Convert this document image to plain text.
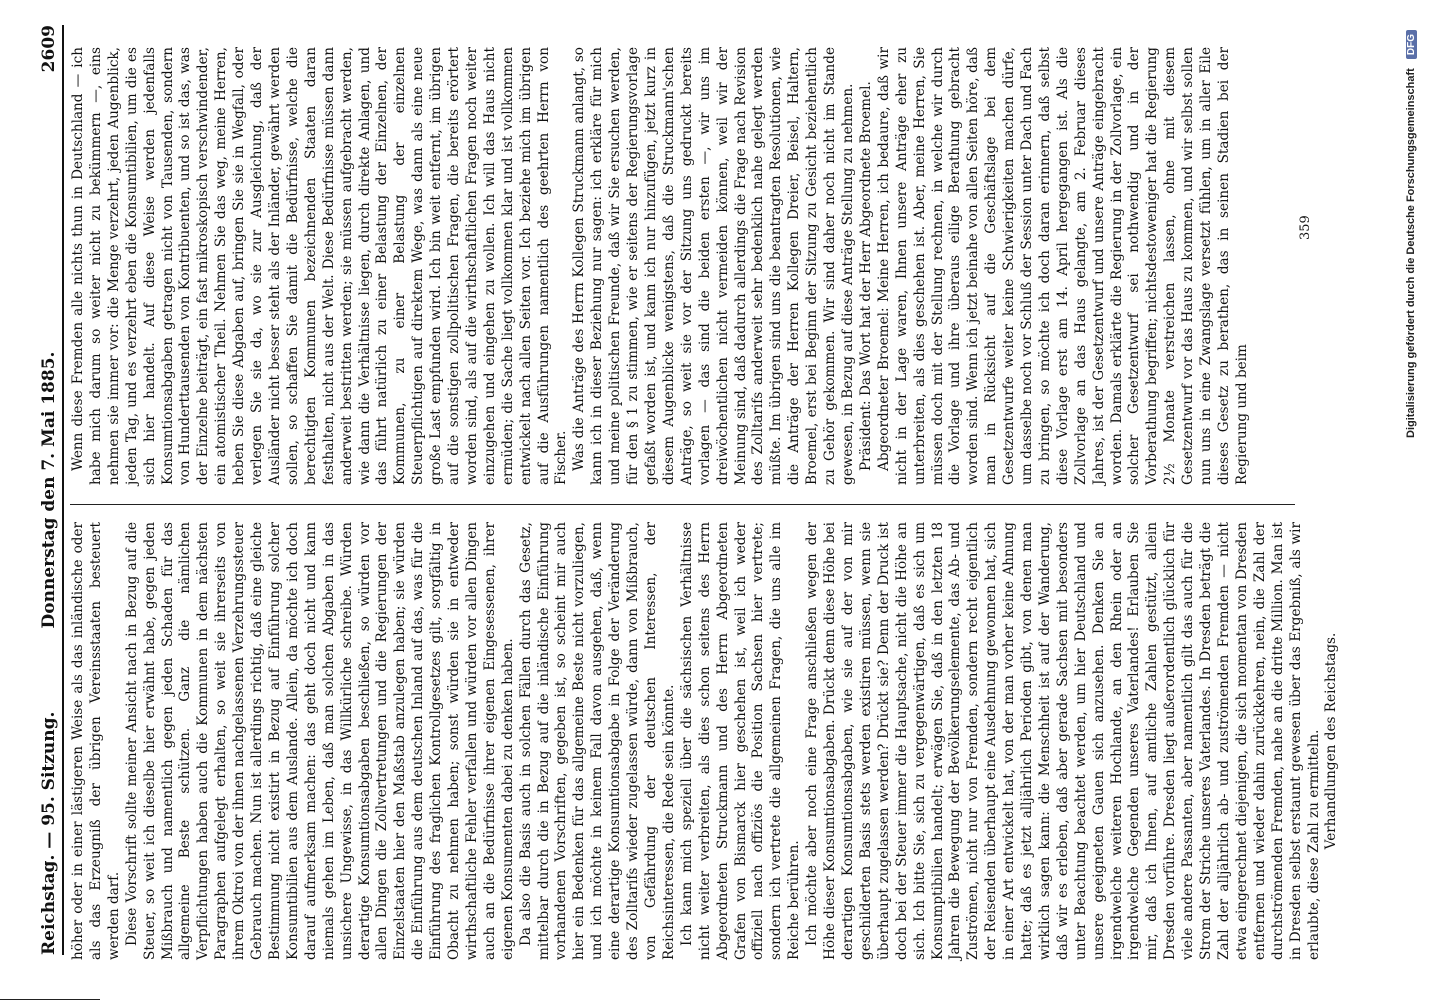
Reichstag. — 95. Sitzung.
Donnerstag den 7. Mai 1885.
2609

höher oder in einer lästigeren Weise als das inländische oder als das Erzeugniß der übrigen Vereinsstaaten besteuert werden darf. Diese Vorschrift sollte meiner Ansicht nach in Bezug auf die Steuer, so weit ich dieselbe hier erwähnt habe, gegen jeden Mißbrauch und namentlich gegen jeden Schaden für das allgemeine Beste schützen. Ganz die nämlichen Verpflichtungen haben auch die Kommunen in dem nächsten Paragraphen aufgelegt erhalten, so weit sie ihrerseits von ihrem Oktroi von der ihnen nachgelassenen Verzehrungssteuer Gebrauch machen. Nun ist allerdings richtig, daß eine gleiche Bestimmung nicht existirt in Bezug auf Einführung solcher Konsumtibilien aus dem Auslande. Allein, da möchte ich doch darauf aufmerksam machen: das geht doch nicht und kann niemals gehen im Leben, daß man solchen Abgaben in das unsichere Ungewisse, in das Willkürliche schreibe. Würden derartige Konsumtionsabgaben beschließen, so würden vor allen Dingen die Zollvertretungen und die Regierungen der Einzelstaaten hier den Maßstab anzulegen haben; sie würden die Einführung aus dem deutschen Inland auf das, was für die Einführung des fraglichen Kontrollgesetzes gilt, sorgfältig in Obacht zu nehmen haben; sonst würden sie in entweder wirthschaftliche Fehler verfallen und würden vor allen Dingen auch an die Bedürfnisse ihrer eigenen Eingesessenen, ihrer eigenen Konsumenten dabei zu denken haben. Da also die Basis auch in solchen Fällen durch das Gesetz, mittelbar durch die in Bezug auf die inländische Einführung vorhandenen Vorschriften, gegeben ist, so scheint mir auch hier ein Bedenken für das allgemeine Beste nicht vorzuliegen, und ich möchte in keinem Fall davon ausgehen, daß, wenn eine derartige Konsumtionsabgabe in Folge der Veränderung des Zolltarifs wieder zugelassen würde, dann von Mißbrauch, von Gefährdung der deutschen Interessen, der Reichsinteressen, die Rede sein könnte. Ich kann mich speziell über die sächsischen Verhältnisse nicht weiter verbreiten, als dies schon seitens des Herrn Abgeordneten Struckmann und des Herrn Abgeordneten Grafen von Bismarck hier geschehen ist, weil ich weder offiziell nach offiziös die Position Sachsen hier vertrete; sondern ich vertrete die allgemeinen Fragen, die uns alle im Reiche berühren. Ich möchte aber noch eine Frage anschließen wegen der Höhe dieser Konsumtionsabgaben. Drückt denn diese Höhe bei derartigen Konsumtionsabgaben, wie sie auf der von mir geschilderten Basis stets werden existiren müssen, wenn sie überhaupt zugelassen werden? Drückt sie? Denn der Druck ist doch bei der Steuer immer die Hauptsache, nicht die Höhe an sich. Ich bitte Sie, sich zu vergegenwärtigen, daß es sich um Konsumptibilien handelt; erwägen Sie, daß in den letzten 18 Jahren die Bewegung der Bevölkerungselemente, das Ab- und Zuströmen, nicht nur von Fremden, sondern recht eigentlich der Reisenden überhaupt eine Ausdehnung gewonnen hat, sich in einer Art entwickelt hat, von der man vorher keine Ahnung hatte; daß es jetzt alljährlich Perioden gibt, von denen man wirklich sagen kann: die Menschheit ist auf der Wanderung, daß wir es erleben, daß aber gerade Sachsen mit besonders unter Beachtung beachtet werden, um hier Deutschland und unsere geeigneten Gauen sich anzusehen. Denken Sie an irgendwelche weiteren Hochlande, an den Rhein oder an irgendwelche Gegenden unseres Vaterlandes! Erlauben Sie mir, daß ich Ihnen, auf amtliche Zahlen gestützt, allein Dresden vorführe. Dresden liegt außerordentlich glücklich für viele andere Passanten, aber namentlich gilt das auch für die Strom der Striche unseres Vaterlandes. In Dresden beträgt die Zahl der alljährlich ab- und zuströmenden Fremden — nicht etwa eingerechnet diejenigen, die sich momentan von Dresden entfernen und wieder dahin zurückkehren, nein, die Zahl der durchströmenden Fremden, nahe an die dritte Million. Man ist in Dresden selbst erstaunt gewesen über das Ergebniß, als wir erlaubte, diese Zahl zu ermitteln. Verhandlungen des Reichstags.

Wenn diese Fremden alle nichts thun in Deutschland — ich habe mich darum so weiter nicht zu bekümmern —, eins nehmen sie immer vor: die Menge verzehrt, jeden Augenblick, jeden Tag, und es verzehrt eben die Konsumtibilien, um die es sich hier handelt. Auf diese Weise werden jedenfalls Konsumtionsabgaben getragen nicht von Tausenden, sondern von Hunderttausenden von Kontribuenten, und so ist das, was der Einzelne beiträgt, ein fast mikroskopisch verschwindender, ein atomistischer Theil. Nehmen Sie das weg, meine Herren, heben Sie diese Abgaben auf, bringen Sie sie in Wegfall, oder verlegen Sie sie da, wo sie zur Ausgleichung, daß der Ausländer nicht besser steht als der Inländer, gewährt werden sollen, so schaffen Sie damit die Bedürfnisse, welche die berechtigten Kommunen bezeichnenden Staaten daran festhalten, nicht aus der Welt. Diese Bedürfnisse müssen dann anderweit bestritten werden; sie müssen aufgebracht werden, wie dann die Verhältnisse liegen, durch direkte Anlagen, und das führt natürlich zu einer Belastung der Einzelnen, der Kommunen, zu einer Belastung der einzelnen Steuerpflichtigen auf direktem Wege, was dann als eine neue große Last empfunden wird. Ich bin weit entfernt, im übrigen auf die sonstigen zollpolitischen Fragen, die bereits erörtert worden sind, als auf die wirthschaftlichen Fragen noch weiter einzugehen und eingehen zu wollen. Ich will das Haus nicht ermüden; die Sache liegt vollkommen klar und ist vollkommen entwickelt nach allen Seiten vor. Ich beziehe mich im übrigen auf die Ausführungen namentlich des geehrten Herrn von Fischer. Was die Anträge des Herrn Kollegen Struckmann anlangt, so kann ich in dieser Beziehung nur sagen: ich erkläre für mich und meine politischen Freunde, daß wir Sie ersuchen werden, für den § 1 zu stimmen, wie er seitens der Regierungsvorlage gefaßt worden ist, und kann ich nur hinzufügen, jetzt kurz in diesem Augenblicke wenigstens, daß die Struckmann'schen Anträge, so weit sie vor der Sitzung uns gedruckt bereits vorlagen — das sind die beiden ersten —, wir uns im dreiwöchentlichen nicht vermeiden können, weil wir der Meinung sind, daß dadurch allerdings die Frage nach Revision des Zolltarifs anderweit sehr bedenklich nahe gelegt werden müßte. Im übrigen sind uns die beantragten Resolutionen, wie die Anträge der Herren Kollegen Dreier, Beisel, Haltern, Broemel, erst bei Beginn der Sitzung zu Gesicht beziehentlich zu Gehör gekommen. Wir sind daher noch nicht im Stande gewesen, in Bezug auf diese Anträge Stellung zu nehmen. Präsident: Das Wort hat der Herr Abgeordnete Broemel. Abgeordneter Broemel: Meine Herren, ich bedaure, daß wir nicht in der Lage waren, Ihnen unsere Anträge eher zu unterbreiten, als dies geschehen ist. Aber, meine Herren, Sie müssen doch mit der Stellung rechnen, in welche wir durch die Vorlage und ihre überaus eilige Berathung gebracht worden sind. Wenn ich jetzt beinahe von allen Seiten höre, daß man in Rücksicht auf die Geschäftslage bei dem Gesetzentwurfe weiter keine Schwierigkeiten machen dürfe, um dasselbe noch vor Schluß der Session unter Dach und Fach zu bringen, so möchte ich doch daran erinnern, daß selbst diese Vorlage erst am 14. April hergegangen ist. Als die Zollvorlage an das Haus gelangte, am 2. Februar dieses Jahres, ist der Gesetzentwurf und unsere Anträge eingebracht worden. Damals erklärte die Regierung in der Zollvorlage, ein solcher Gesetzentwurf sei nothwendig und in der Vorberathung begriffen; nichtsdestoweniger hat die Regierung 2½ Monate verstreichen lassen, ohne mit diesem Gesetzentwurf vor das Haus zu kommen, und wir selbst sollen nun uns in eine Zwangslage versetzt fühlen, um in aller Eile dieses Gesetz zu berathen, das in seinen Stadien bei der Regierung und beim

359	Digitalisierung gefördert durch die Deutsche Forschungsgemeinschaft DFG
